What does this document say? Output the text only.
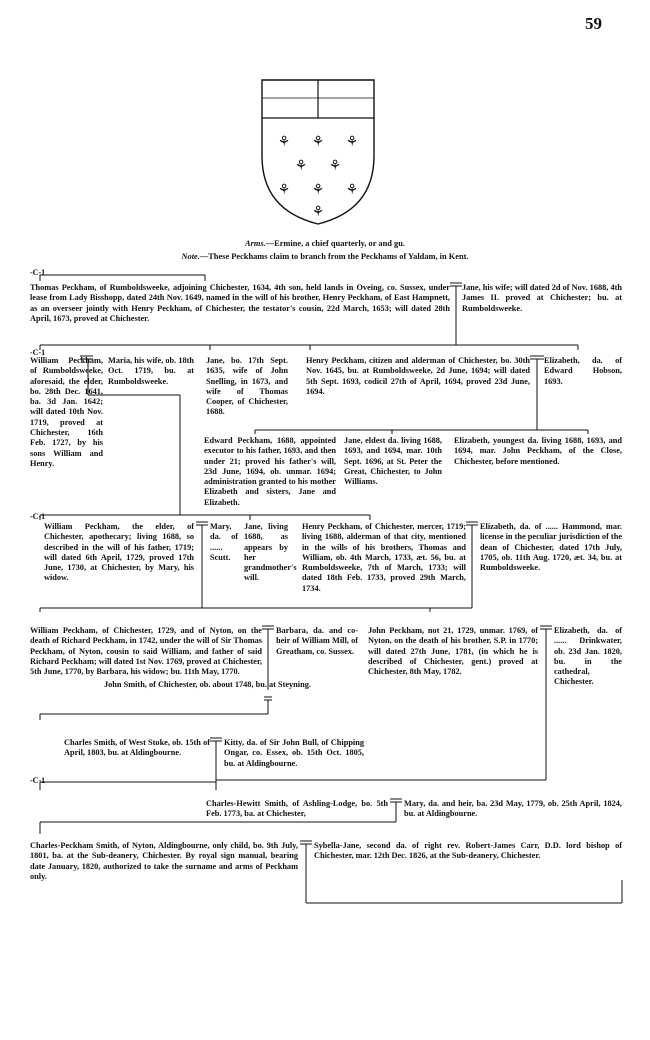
59
⚘ ⚘ ⚘
⚘ ⚘
⚘ ⚘ ⚘
⚘
Arms.—Ermine, a chief quarterly, or and gu.
Note.—These Peckhams claim to branch from the Peckhams of Yaldam, in Kent.
-C-1

Thomas Peckham, of Rumboldsweeke, adjoining Chichester, 1634, 4th son, held lands in Oveing, co. Sussex, under lease from Lady Bisshopp, dated 24th Nov. 1649, named in the will of his brother, Henry Peckham, of East Hampnett, as an overseer jointly with Henry Peckham, of Chichester, the testator's cousin, 22d March, 1653; will dated 28th April, 1673, proved at Chichester.

Jane, his wife; will dated 2d of Nov. 1688, 4th James II. proved at Chichester; bu. at Rumboldsweeke.

-C-1

William Peckham, of Rumboldsweeke, aforesaid, the elder, bo. 28th Dec. 1641, ba. 3d Jan. 1642; will dated 10th Nov. 1719, proved at Chichester, 16th Feb. 1727, by his sons William and Henry.

Maria, his wife, ob. 18th Oct. 1719, bu. at Rumboldsweeke.

Jane, bo. 17th Sept. 1635, wife of John Snelling, in 1673, and wife of Thomas Cooper, of Chichester, 1688.

Henry Peckham, citizen and alderman of Chichester, bo. 30th Nov. 1645, bu. at Rumboldsweeke, 2d June, 1694; will dated 5th Sept. 1693, codicil 27th of April, 1694, proved 23d June, 1694.

Elizabeth, da. of Edward Hobson, 1693.

Edward Peckham, 1688, appointed executor to his father, 1693, and then under 21; proved his father's will, 23d June, 1694, ob. unmar. 1694; administration granted to his mother Elizabeth and sisters, Jane and Elizabeth.

Jane, eldest da. living 1688, 1693, and 1694, mar. 10th Sept. 1696, at St. Peter the Great, Chichester, to John Williams.

Elizabeth, youngest da. living 1688, 1693, and 1694, mar. John Peckham, of the Close, Chichester, before mentioned.

-C-1

William Peckham, the elder, of Chichester, apothecary; living 1688, so described in the will of his father, 1719; will dated 6th April, 1729, proved 17th June, 1730, at Chichester, by Mary, his widow.

Mary, da. of ...... Scutt.

Jane, living 1688, as appears by her grandmother's will.

Henry Peckham, of Chichester, mercer, 1719; living 1688, alderman of that city, mentioned in the wills of his brothers, Thomas and William, ob. 4th March, 1733, æt. 56, bu. at Rumboldsweeke, 7th of March, 1733; will dated 18th Feb. 1733, proved 29th March, 1734.

Elizabeth, da. of ...... Hammond, mar. license in the peculiar jurisdiction of the dean of Chichester, dated 17th July, 1705, ob. 11th Aug. 1720, æt. 34, bu. at Rumboldsweeke.

William Peckham, of Chichester, 1729, and of Nyton, on the death of Richard Peckham, in 1742, under the will of Sir Thomas Peckham, of Nyton, cousin to said William, and father of said Richard Peckham; will dated 1st Nov. 1769, proved at Chichester, 5th June, 1770, by Barbara, his widow; bu. 11th May, 1770.

Barbara, da. and co-heir of William Mill, of Greatham, co. Sussex.

John Peckham, not 21, 1729, unmar. 1769, of Nyton, on the death of his brother, S.P. in 1770; will dated 27th June, 1781, (in which he is described of Chichester, gent.) proved at Chichester, 8th May, 1782.

Elizabeth, da. of ...... Drinkwater, ob. 23d Jan. 1820, bu. in the cathedral, Chichester.

John Smith, of Chichester, ob. about 1748, bu. at Steyning.

Charles Smith, of West Stoke, ob. 15th of April, 1803, bu. at Aldingbourne.

Kitty, da. of Sir John Bull, of Chipping Ongar, co. Essex, ob. 15th Oct. 1805, bu. at Aldingbourne.

-C-1

Charles-Hewitt Smith, of Ashling-Lodge, bo. 5th Feb. 1773, ba. at Chichester,

Mary, da. and heir, ba. 23d May, 1779, ob. 25th April, 1824, bu. at Aldingbourne.

Charles-Peckham Smith, of Nyton, Aldingbourne, only child, bo. 9th July, 1801, ba. at the Sub-deanery, Chichester. By royal sign manual, bearing date January, 1820, authorized to take the surname and arms of Peckham only.

Sybella-Jane, second da. of right rev. Robert-James Carr, D.D. lord bishop of Chichester, mar. 12th Dec. 1826, at the Sub-deanery, Chichester.
